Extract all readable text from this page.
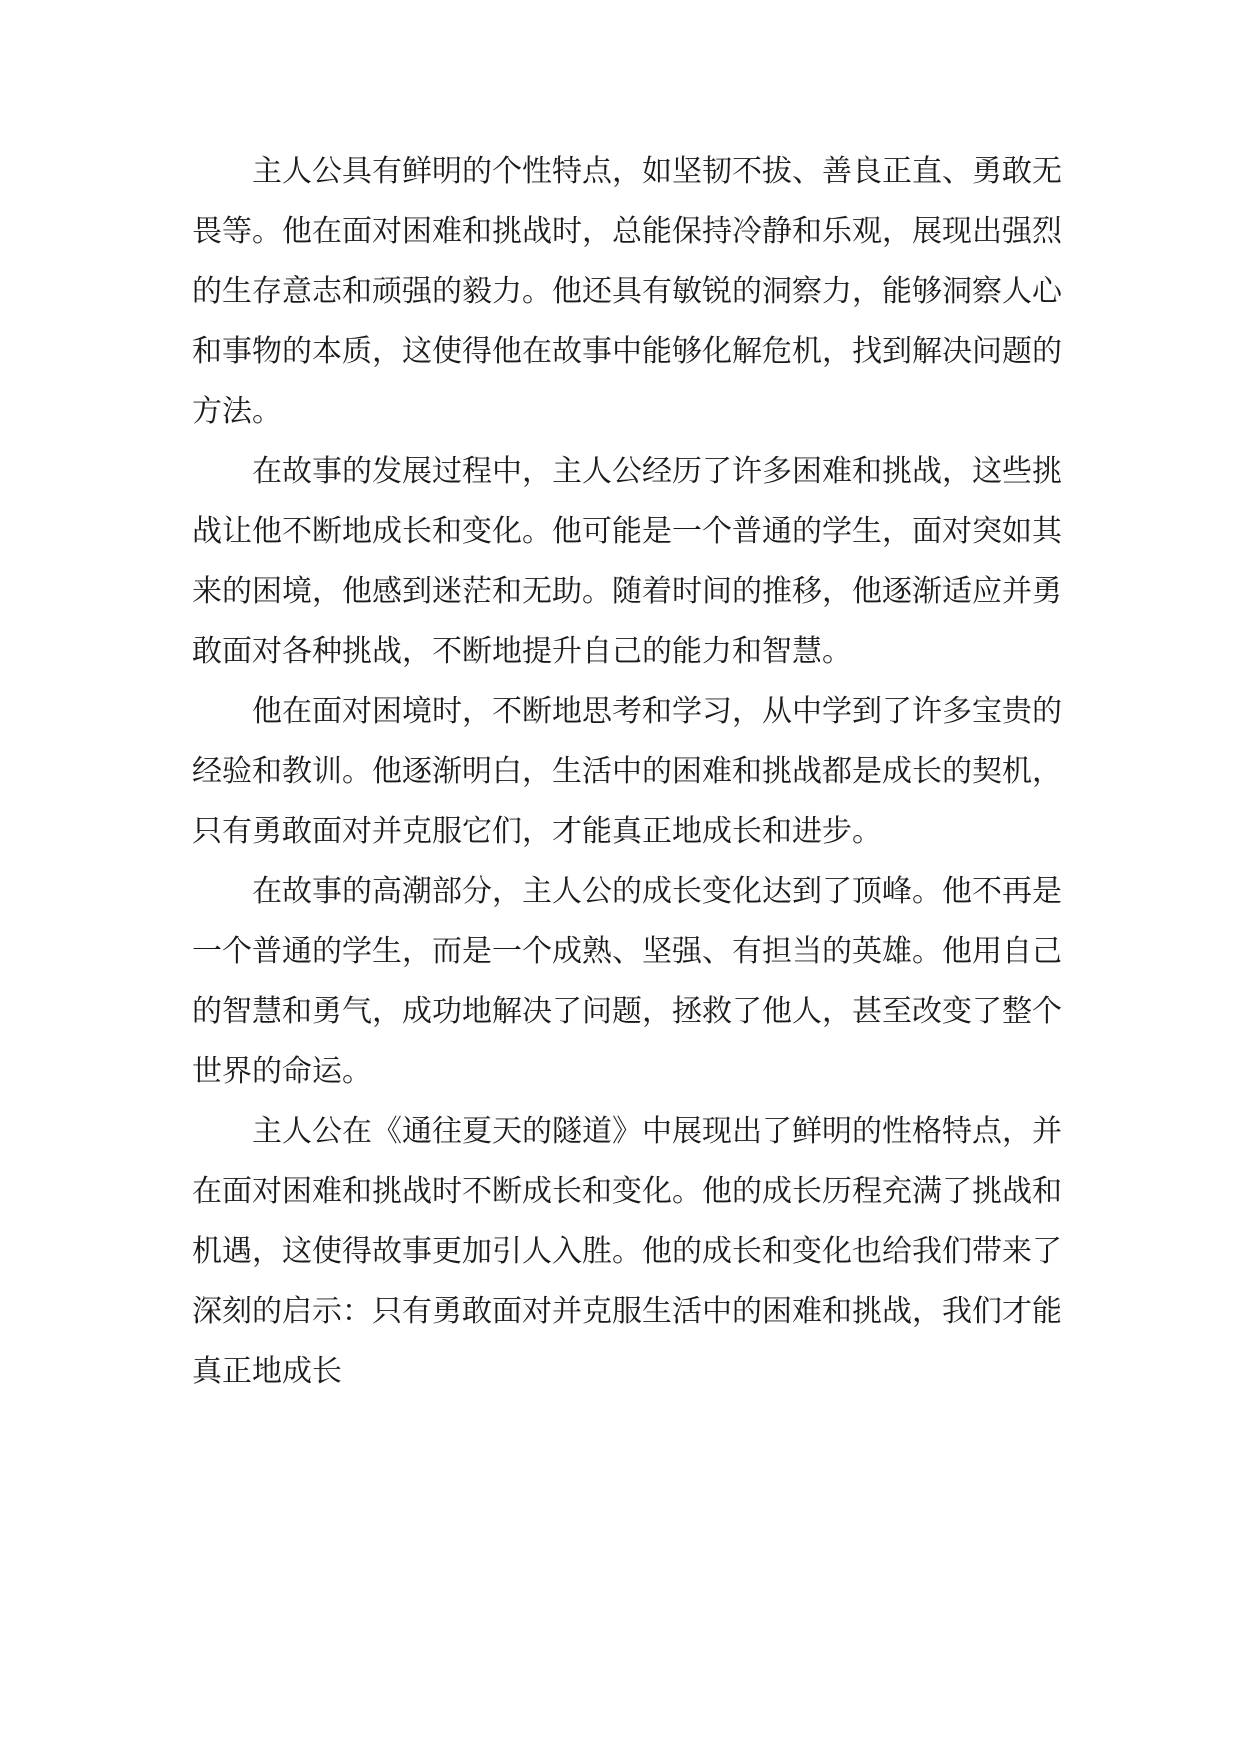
主人公具有鲜明的个性特点，如坚韧不拔、善良正直、勇敢无畏等。他在面对困难和挑战时，总能保持冷静和乐观，展现出强烈的生存意志和顽强的毅力。他还具有敏锐的洞察力，能够洞察人心和事物的本质，这使得他在故事中能够化解危机，找到解决问题的方法。

在故事的发展过程中，主人公经历了许多困难和挑战，这些挑战让他不断地成长和变化。他可能是一个普通的学生，面对突如其来的困境，他感到迷茫和无助。随着时间的推移，他逐渐适应并勇敢面对各种挑战，不断地提升自己的能力和智慧。

他在面对困境时，不断地思考和学习，从中学到了许多宝贵的经验和教训。他逐渐明白，生活中的困难和挑战都是成长的契机，只有勇敢面对并克服它们，才能真正地成长和进步。

在故事的高潮部分，主人公的成长变化达到了顶峰。他不再是一个普通的学生，而是一个成熟、坚强、有担当的英雄。他用自己的智慧和勇气，成功地解决了问题，拯救了他人，甚至改变了整个世界的命运。

主人公在《通往夏天的隧道》中展现出了鲜明的性格特点，并在面对困难和挑战时不断成长和变化。他的成长历程充满了挑战和机遇，这使得故事更加引人入胜。他的成长和变化也给我们带来了深刻的启示：只有勇敢面对并克服生活中的困难和挑战，我们才能真正地成长
